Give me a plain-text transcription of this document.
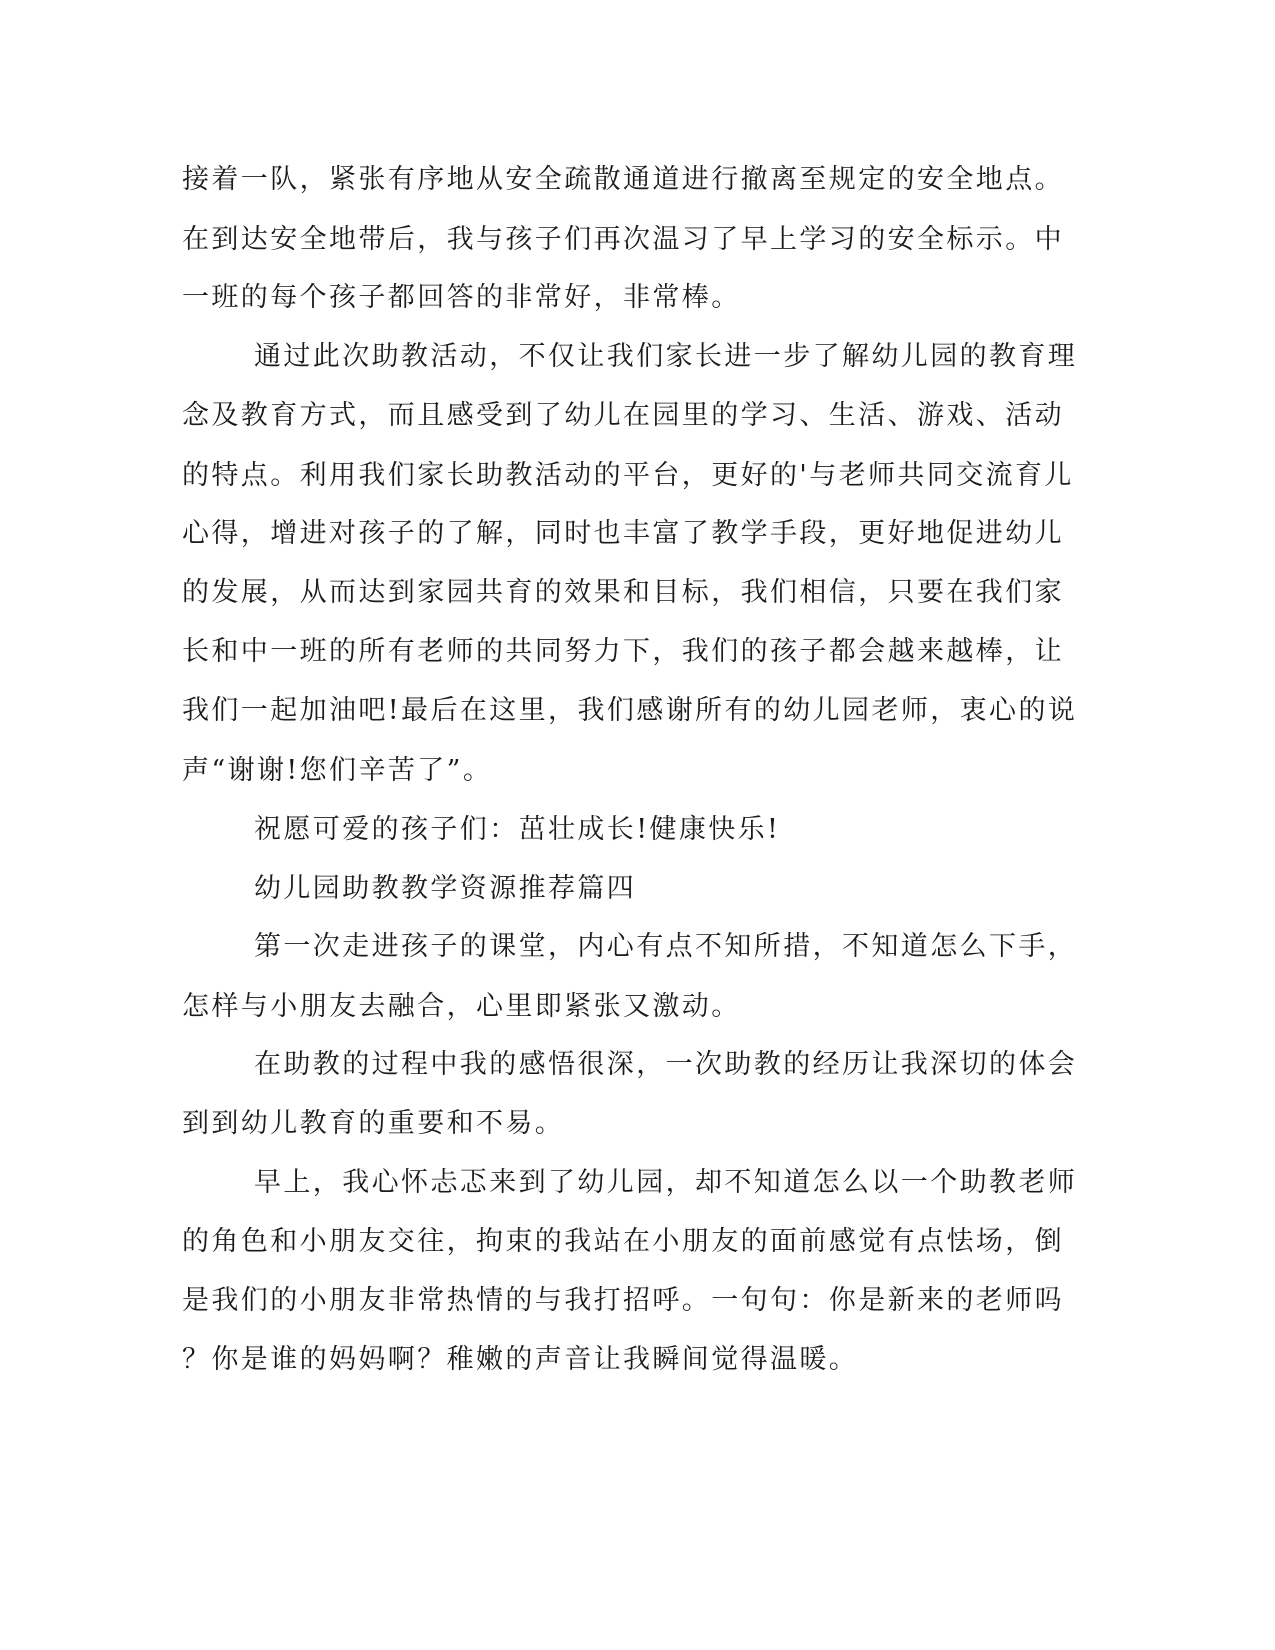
接着一队，紧张有序地从安全疏散通道进行撤离至规定的安全地点。
在到达安全地带后，我与孩子们再次温习了早上学习的安全标示。中
一班的每个孩子都回答的非常好，非常棒。
通过此次助教活动，不仅让我们家长进一步了解幼儿园的教育理
念及教育方式，而且感受到了幼儿在园里的学习、生活、游戏、活动
的特点。利用我们家长助教活动的平台，更好的'与老师共同交流育儿
心得，增进对孩子的了解，同时也丰富了教学手段，更好地促进幼儿
的发展，从而达到家园共育的效果和目标，我们相信，只要在我们家
长和中一班的所有老师的共同努力下，我们的孩子都会越来越棒，让
我们一起加油吧!最后在这里，我们感谢所有的幼儿园老师，衷心的说
声“谢谢!您们辛苦了”。
祝愿可爱的孩子们：茁壮成长!健康快乐!
幼儿园助教教学资源推荐篇四
第一次走进孩子的课堂，内心有点不知所措，不知道怎么下手，
怎样与小朋友去融合，心里即紧张又激动。
在助教的过程中我的感悟很深，一次助教的经历让我深切的体会
到到幼儿教育的重要和不易。
早上，我心怀忐忑来到了幼儿园，却不知道怎么以一个助教老师
的角色和小朋友交往，拘束的我站在小朋友的面前感觉有点怯场，倒
是我们的小朋友非常热情的与我打招呼。一句句：你是新来的老师吗
？你是谁的妈妈啊？稚嫩的声音让我瞬间觉得温暖。
